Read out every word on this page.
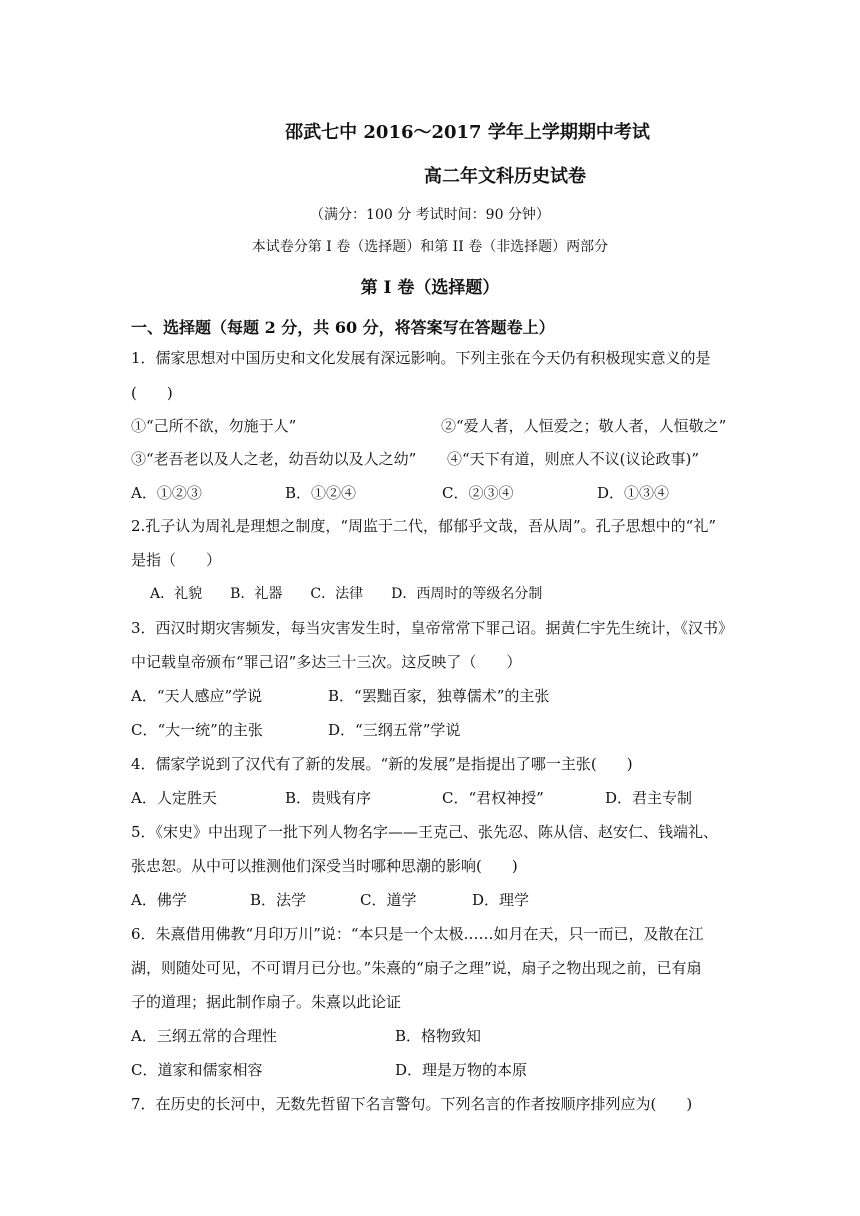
邵武七中 2016～2017 学年上学期期中考试
高二年文科历史试卷
（满分：100 分 考试时间：90 分钟）
本试卷分第 I 卷（选择题）和第 II 卷（非选择题）两部分
第 I 卷（选择题）
一、选择题（每题 2 分，共 60 分，将答案写在答题卷上）
1．儒家思想对中国历史和文化发展有深远影响。下列主张在今天仍有积极现实意义的是
(　　)
①“己所不欲，勿施于人”	②“爱人者，人恒爱之；敬人者，人恒敬之”
③“老吾老以及人之老，幼吾幼以及人之幼” ④“天下有道，则庶人不议(议论政事)”
A．①②③	B．①②④	C．②③④	D．①③④
2.孔子认为周礼是理想之制度，“周监于二代，郁郁乎文哉，吾从周”。孔子思想中的“礼”
是指（　　）
A．礼貌　　B．礼器　　C．法律　　D．西周时的等级名分制
3．西汉时期灾害频发，每当灾害发生时，皇帝常常下罪己诏。据黄仁宇先生统计，《汉书》
中记载皇帝颁布“罪己诏”多达三十三次。这反映了（　　）
A．“天人感应”学说	B．“罢黜百家，独尊儒术”的主张
C．“大一统”的主张	D．“三纲五常”学说
4．儒家学说到了汉代有了新的发展。“新的发展”是指提出了哪一主张(　　)
A．人定胜天	B．贵贱有序	C．“君权神授”	D．君主专制
5．《宋史》中出现了一批下列人物名字——王克己、张先忍、陈从信、赵安仁、钱端礼、
张忠恕。从中可以推测他们深受当时哪种思潮的影响(　　)
A．佛学	B．法学	C．道学	D．理学
6．朱熹借用佛教“月印万川”说：“本只是一个太极……如月在天，只一而已，及散在江
湖，则随处可见，不可谓月已分也。”朱熹的“扇子之理”说，扇子之物出现之前，已有扇
子的道理；据此制作扇子。朱熹以此论证
A．三纲五常的合理性	B．格物致知
C．道家和儒家相容	D．理是万物的本原
7．在历史的长河中，无数先哲留下名言警句。下列名言的作者按顺序排列应为(　　)
